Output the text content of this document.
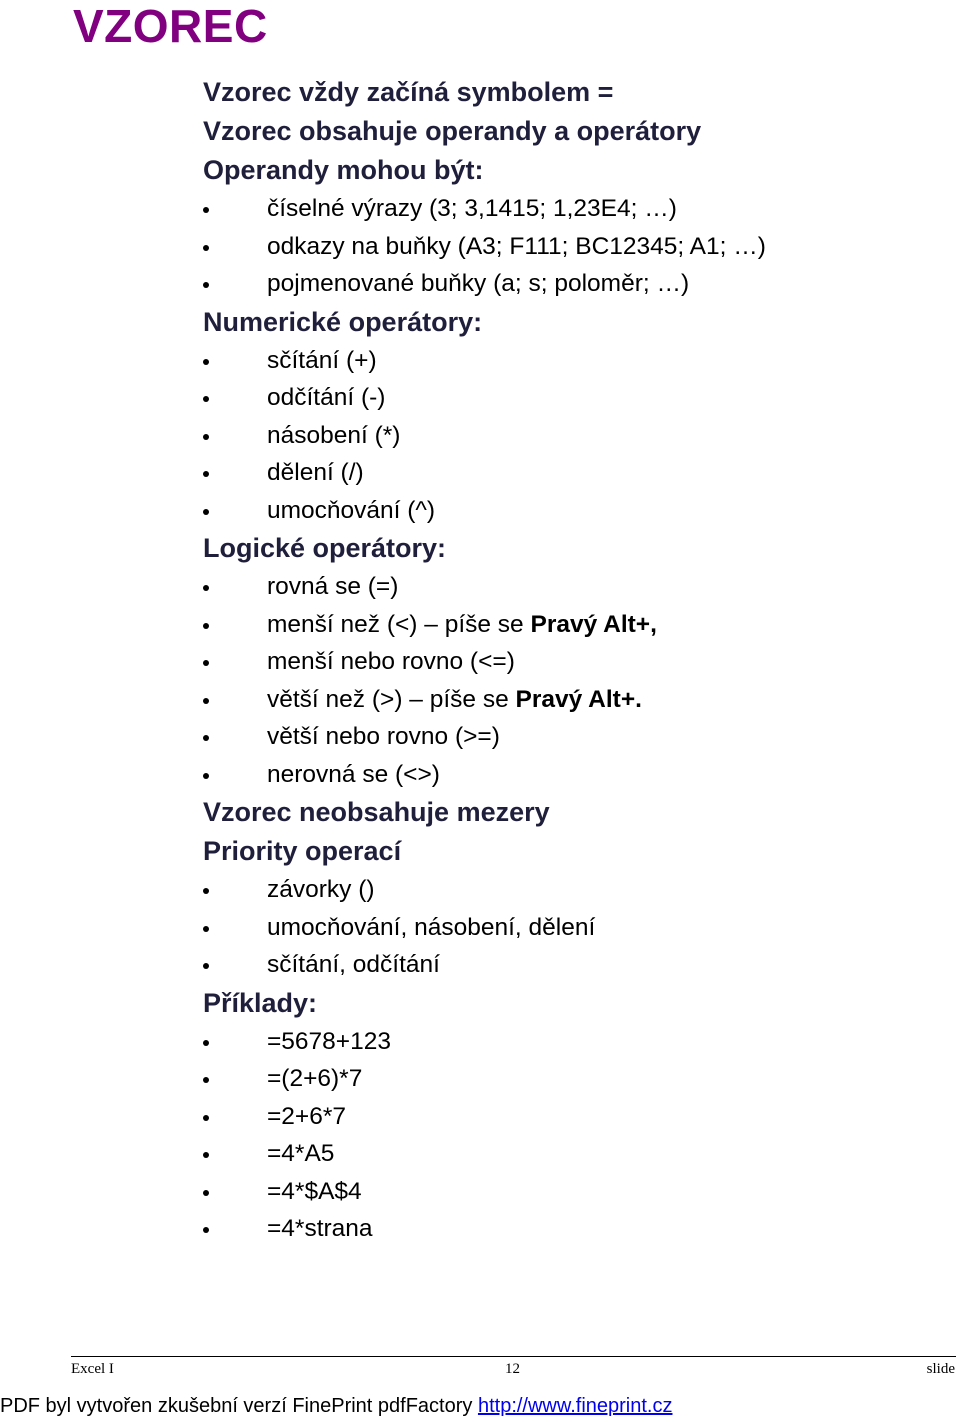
VZOREC
Vzorec vždy začíná symbolem =
Vzorec obsahuje operandy a operátory
Operandy mohou být:
číselné výrazy (3; 3,1415; 1,23E4; …)
odkazy na buňky (A3; F111; BC12345; A1; …)
pojmenované buňky (a; s; poloměr; …)
Numerické operátory:
sčítání (+)
odčítání (-)
násobení (*)
dělení (/)
umocňování (^)
Logické operátory:
rovná se (=)
menší než (<) – píše se Pravý Alt+,
menší nebo rovno (<=)
větší než (>) – píše se Pravý Alt+.
větší nebo rovno (>=)
nerovná se (<>)
Vzorec neobsahuje mezery
Priority operací
závorky ()
umocňování, násobení, dělení
sčítání, odčítání
Příklady:
=5678+123
=(2+6)*7
=2+6*7
=4*A5
=4*$A$4
=4*strana
Excel I	12	slide
PDF byl vytvořen zkušební verzí FinePrint pdfFactory http://www.fineprint.cz
